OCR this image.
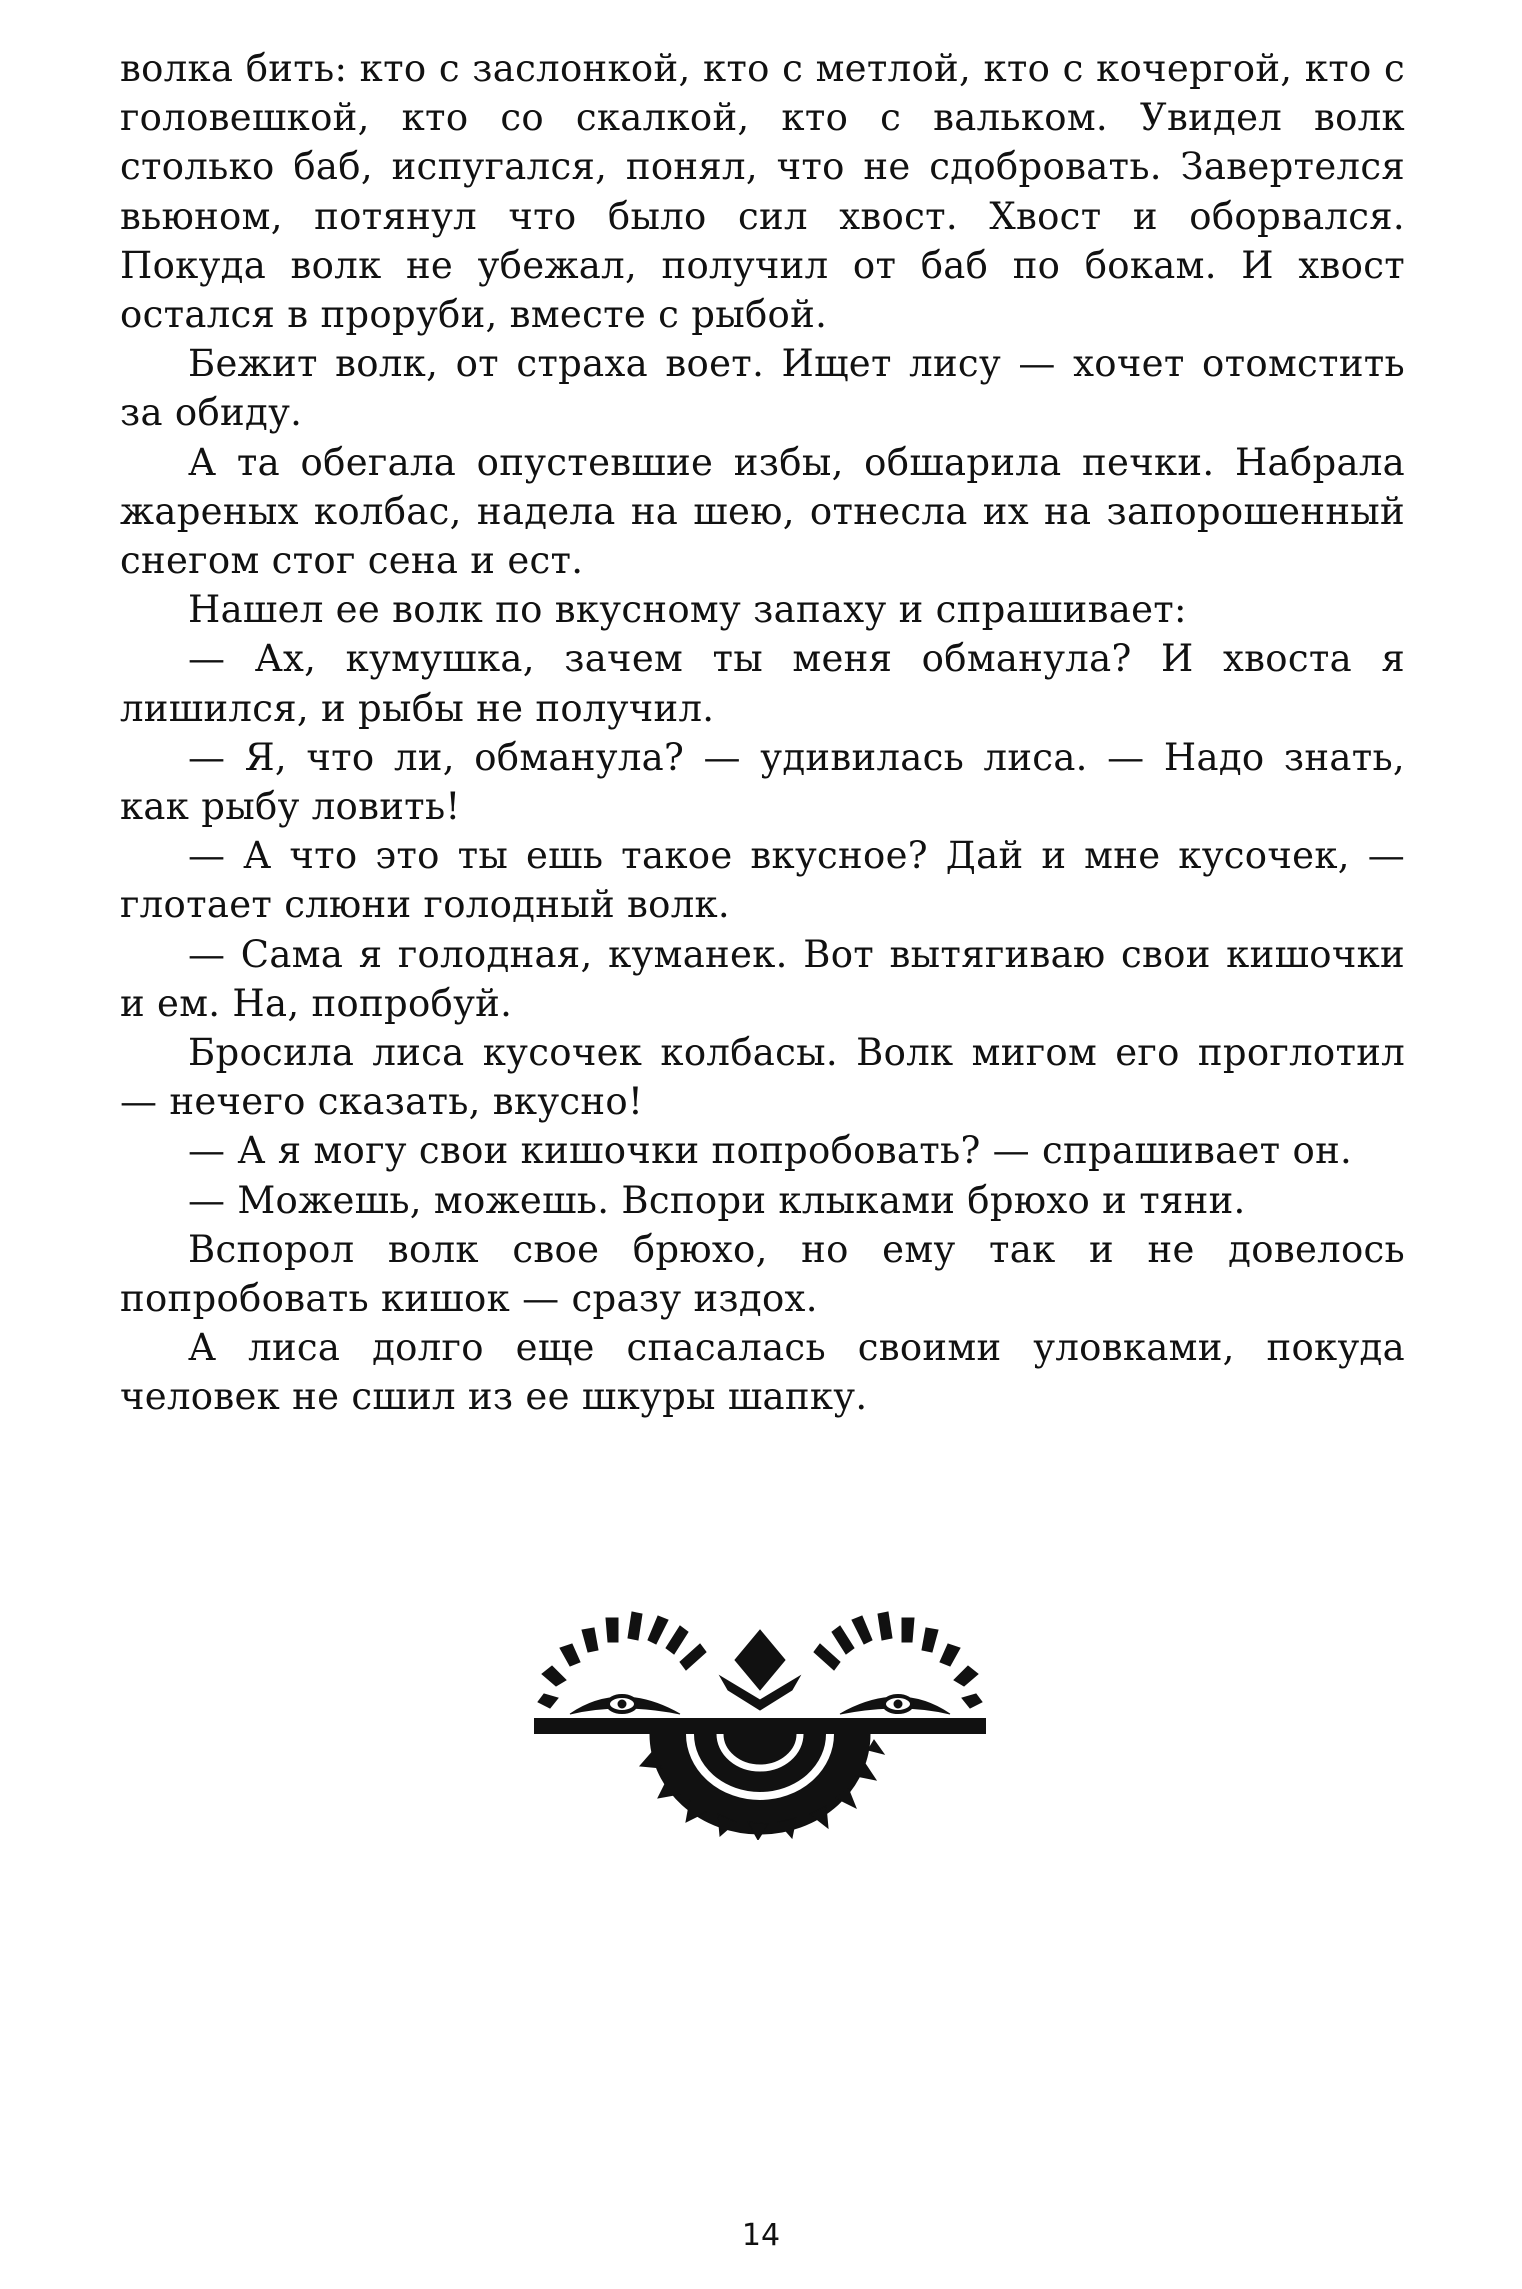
волка бить: кто с заслонкой, кто с метлой, кто с кочергой, кто с головешкой, кто со скалкой, кто с вальком. Увидел волк столько баб, испугался, понял, что не сдобровать. Завертелся вьюном, потянул что было сил хвост. Хвост и оборвался. Покуда волк не убежал, получил от баб по бокам. И хвост остался в проруби, вместе с рыбой.

Бежит волк, от страха воет. Ищет лису — хочет отомстить за обиду.

А та обегала опустевшие избы, обшарила печки. Набрала жареных колбас, надела на шею, отнесла их на запорошенный снегом стог сена и ест.

Нашел ее волк по вкусному запаху и спрашивает:

— Ах, кумушка, зачем ты меня обманула? И хвоста я лишился, и рыбы не получил.

— Я, что ли, обманула? — удивилась лиса. — Надо знать, как рыбу ловить!

— А что это ты ешь такое вкусное? Дай и мне кусочек, — глотает слюни голодный волк.

— Сама я голодная, куманек. Вот вытягиваю свои кишочки и ем. На, попробуй.

Бросила лиса кусочек колбасы. Волк мигом его проглотил — нечего сказать, вкусно!

— А я могу свои кишочки попробовать? — спрашивает он.

— Можешь, можешь. Вспори клыками брюхо и тяни.

Вспорол волк свое брюхо, но ему так и не довелось попробовать кишок — сразу издох.

А лиса долго еще спасалась своими уловками, покуда человек не сшил из ее шкуры шапку.

14
